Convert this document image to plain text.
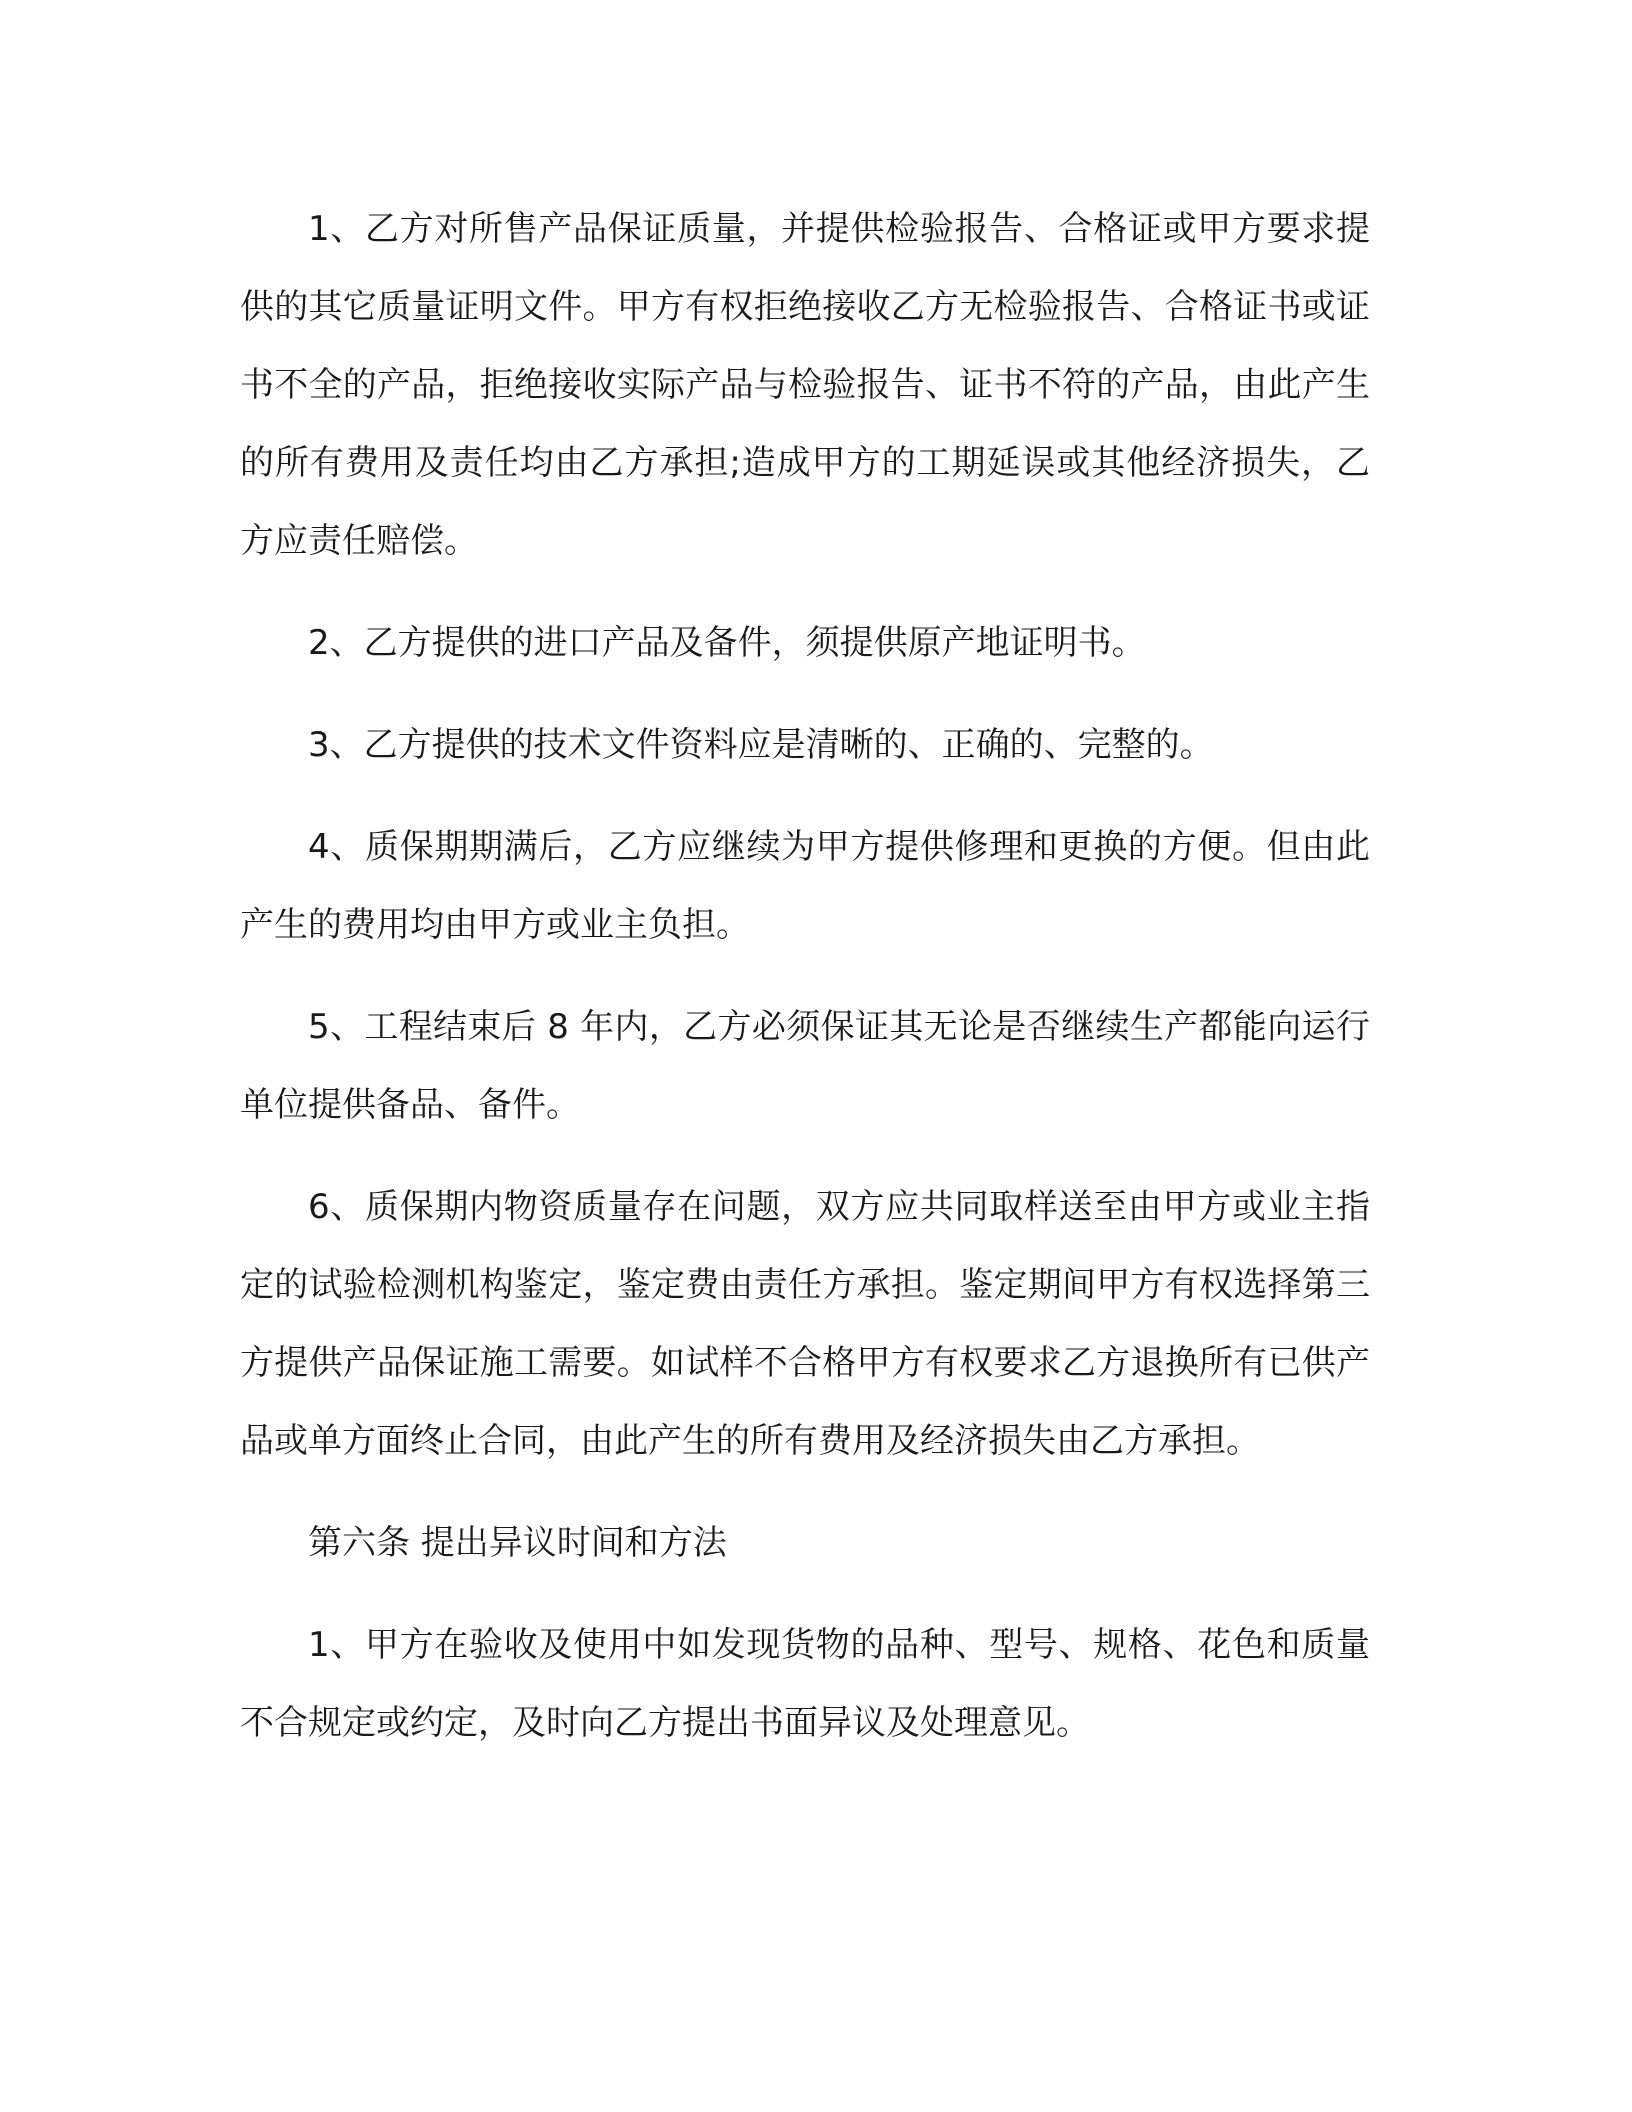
1、乙方对所售产品保证质量，并提供检验报告、合格证或甲方要求提供的其它质量证明文件。甲方有权拒绝接收乙方无检验报告、合格证书或证书不全的产品，拒绝接收实际产品与检验报告、证书不符的产品，由此产生的所有费用及责任均由乙方承担;造成甲方的工期延误或其他经济损失，乙方应责任赔偿。

2、乙方提供的进口产品及备件，须提供原产地证明书。

3、乙方提供的技术文件资料应是清晰的、正确的、完整的。

4、质保期期满后，乙方应继续为甲方提供修理和更换的方便。但由此产生的费用均由甲方或业主负担。

5、工程结束后 8 年内，乙方必须保证其无论是否继续生产都能向运行单位提供备品、备件。

6、质保期内物资质量存在问题，双方应共同取样送至由甲方或业主指定的试验检测机构鉴定，鉴定费由责任方承担。鉴定期间甲方有权选择第三方提供产品保证施工需要。如试样不合格甲方有权要求乙方退换所有已供产品或单方面终止合同，由此产生的所有费用及经济损失由乙方承担。

第六条 提出异议时间和方法

1、甲方在验收及使用中如发现货物的品种、型号、规格、花色和质量不合规定或约定，及时向乙方提出书面异议及处理意见。
